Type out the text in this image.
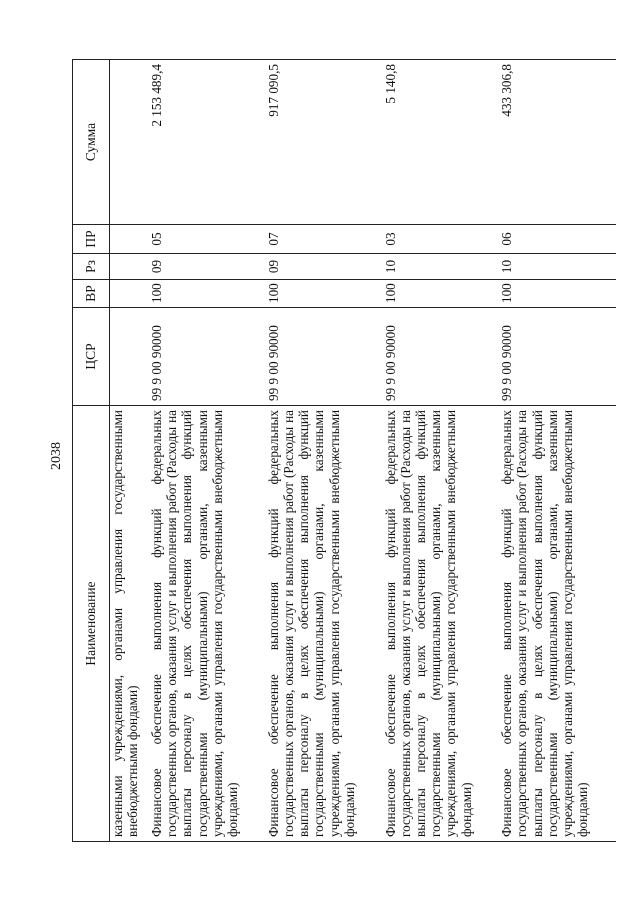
2038
Наименование	ЦСР	ВР	Рз	ПР	Сумма
казенными учреждениями, органами управления государственными внебюджетными фондами)					
Финансовое обеспечение выполнения функций федеральных государственных органов, оказания услуг и выполнения работ (Расходы на выплаты персоналу в целях обеспечения выполнения функций государственными (муниципальными) органами, казенными учреждениями, органами управления государственными внебюджетными фондами)	99 9 00 90000	100	09	05	2 153 489,4
Финансовое обеспечение выполнения функций федеральных государственных органов, оказания услуг и выполнения работ (Расходы на выплаты персоналу в целях обеспечения выполнения функций государственными (муниципальными) органами, казенными учреждениями, органами управления государственными внебюджетными фондами)	99 9 00 90000	100	09	07	917 090,5
Финансовое обеспечение выполнения функций федеральных государственных органов, оказания услуг и выполнения работ (Расходы на выплаты персоналу в целях обеспечения выполнения функций государственными (муниципальными) органами, казенными учреждениями, органами управления государственными внебюджетными фондами)	99 9 00 90000	100	10	03	5 140,8
Финансовое обеспечение выполнения функций федеральных государственных органов, оказания услуг и выполнения работ (Расходы на выплаты персоналу в целях обеспечения выполнения функций государственными (муниципальными) органами, казенными учреждениями, органами управления государственными внебюджетными фондами)	99 9 00 90000	100	10	06	433 306,8
